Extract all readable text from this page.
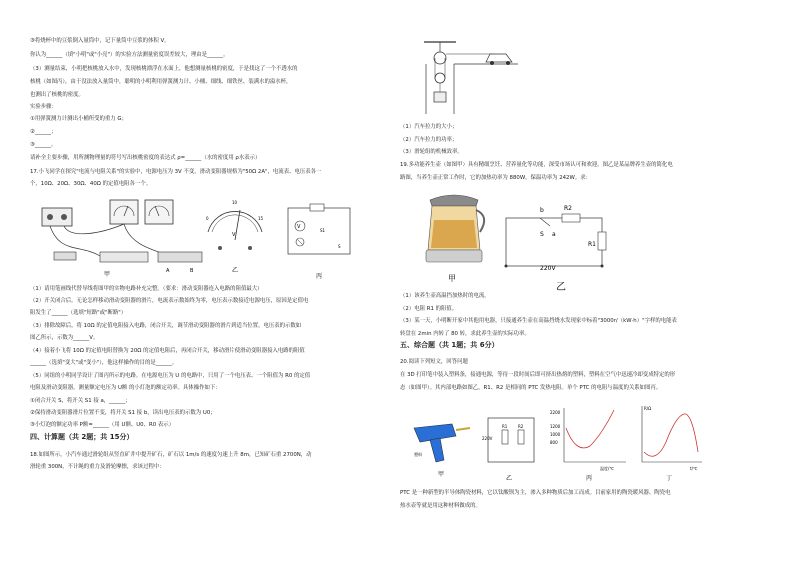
③将烧杯中的豆浆倒入量筒中，记下量筒中豆浆的体积 V。
你认为______（填"小明"或"小亮"）的实验方法测量密度误差较大，理由是______。
（3）测量结束，小明把核桃放入水中，发现核桃漂浮在水面上，他想测量核桃的密度，于是找这了一个不透水的
核桃（如图丙），由于没法放入量筒中，聪明的小明利用弹簧测力计、小桶、细线、细铁丝、装满水的溢水杯，
也测出了核桃的密度。
实验步骤：
①用弹簧测力计测出小桶所受的重力 G；
②______；
③______。
请补全主要步骤，用所测物理量的符号写出核桃密度的表达式 ρ=______（水的密度用 ρ水表示）
17.小飞同学在探究"电流与电阻关系"的实验中，电源电压为 3V 不变，滑动变阻器规格为"50Ω 2A"，电流表、电压表各一
个，10Ω、20Ω、30Ω、40Ω 的定值电阻各一个。
A	B
甲
0
10
15
V
乙
V
S1
S
丙
（1）请用笔画线代替导线将图甲的实物电路补充完整。（要求：滑动变阻器连入电路的阻值最大）
（2）开关闭合后，无论怎样移动滑动变阻器的滑片，电流表示数始终为零，电压表示数接近电源电压，原因是定值电
阻发生了______（选填"短路"或"断路"）
（3）排除故障后，将 10Ω 的定值电阻接入电路，闭合开关，调节滑动变阻器的滑片到适当位置，电压表的示数如
图乙所示，示数为______V。
（4）接着小飞将 10Ω 的定值电阻替换为 20Ω 的定值电阻后，再闭合开关，移动滑片使滑动变阻器接入电路的阻值
______（选填"变大"或"变小"），他这样操作的目的是______。
（5）同组的小明同学设计了图丙所示的电路。在电源电压为 U 的电路中，只用了一个电压表、一个阻值为 R0 的定值
电阻及滑动变阻器，测量额定电压为 U额 的小灯泡的额定功率。具体操作如下：
①闭合开关 S，将开关 S1 接 a，______；
②保持滑动变阻器滑片位置不变，将开关 S1 接 b，读出电压表的示数为 U0；
③小灯泡的额定功率 P额=______（用 U额、U0、R0 表示）
四、计算题（共 2题；共 15分）
18.如图所示，小汽车通过滑轮组从竖直矿井中提升矿石，矿石以 1m/s 的速度匀速上升 8m，已知矿石重 2700N，动
滑轮重 300N，不计绳的重力及滑轮摩擦，求该过程中：
（1）汽车拉力的大小；
（2）汽车拉力的功率；
（3）滑轮组的机械效率。
19.多功能养生壶（如图甲）具有精细烹饪、营养量化等功能，深受市场认可和欢迎。图乙是某品牌养生壶的简化电
路图，当养生壶正常工作时，它的加热功率为 880W，保温功率为 242W。求：
甲
R2
R1
b
S a
220V
乙
（1）该养生壶高温挡加热时的电流。
（2）电阻 R1 的阻值。
（3）某一天，小明断开家中其他用电器，只接通养生壶在高温挡烧水发现家中标着"3000r/（kW·h）"字样的电能表
转盘在 2min 内转了 80 转，求此养生壶的实际功率。
五、综合题（共 1题；共 6分）
20.阅读下列短文，回答问题
在 3D 打印笔中装入塑料条，接通电源，等待一段时间后即可挤出热熔的塑料，塑料在空气中迅速冷却变成特定的形
态（如图甲）。其内部电路如图乙，R1、R2 是相同的 PTC 发热电阻。单个 PTC 的电阻与温度的关系如图丙。
塑料
甲
220V
R1	R2
乙
2200
1200
1000
800
温度/℃
丙
R/Ω
t/℃
丁
PTC 是一种新型的半导体陶瓷材料，它以钛酸钡为主，渗入多种物质后加工而成。目前家用的陶瓷暖风器、陶瓷电
热水壶等就是用这种材料做成的。
